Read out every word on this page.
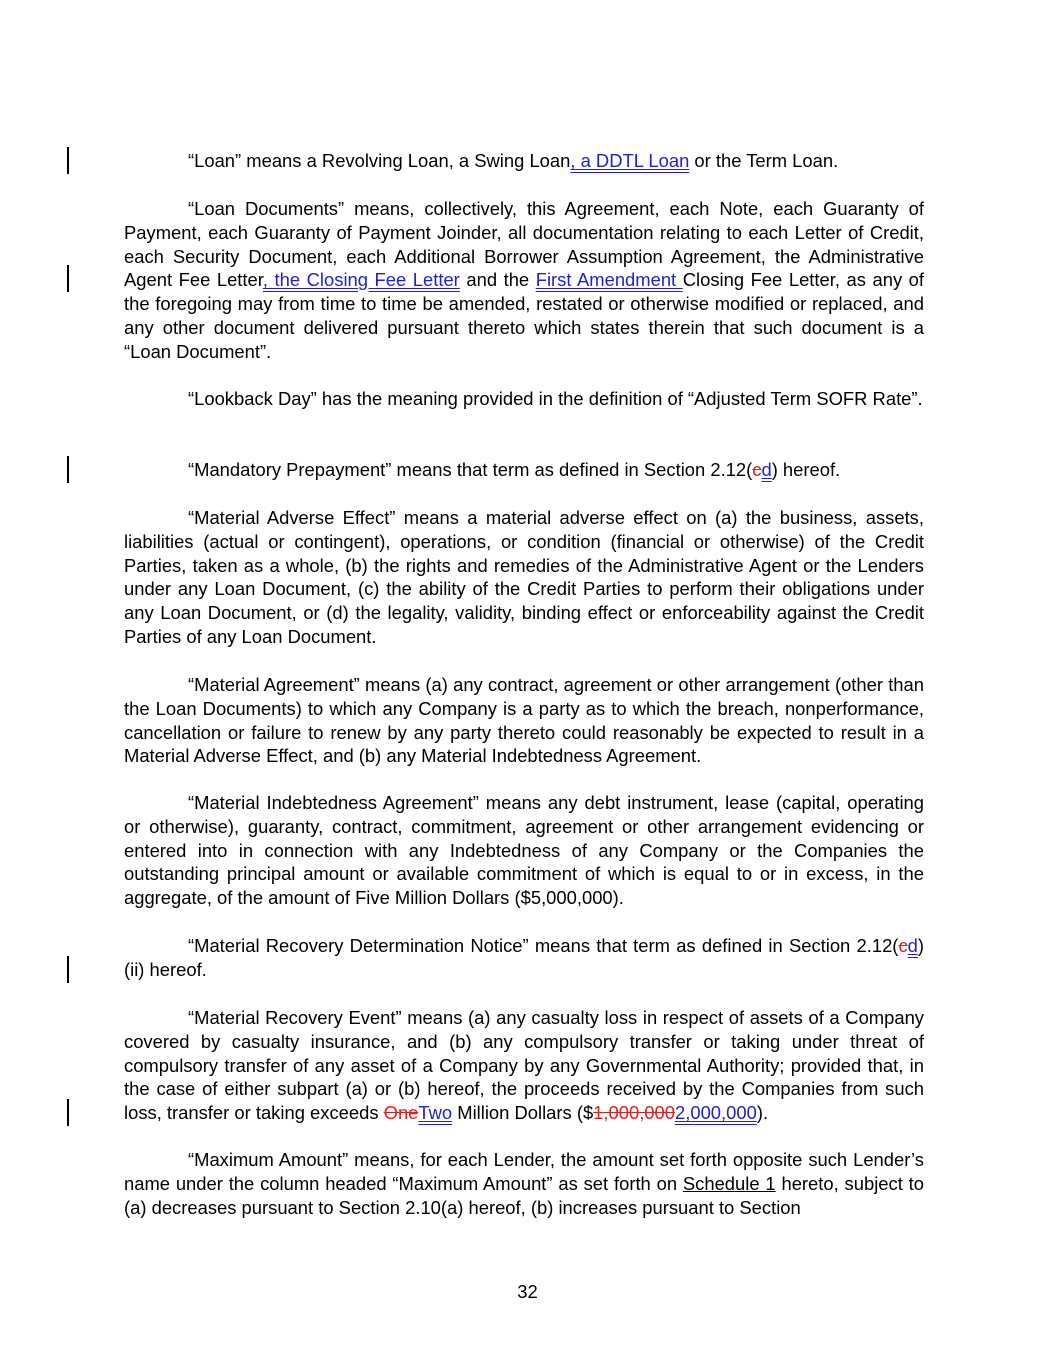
“Loan” means a Revolving Loan, a Swing Loan, a DDTL Loan or the Term Loan.

“Loan Documents” means, collectively, this Agreement, each Note, each Guaranty of Payment, each Guaranty of Payment Joinder, all documentation relating to each Letter of Credit, each Security Document, each Additional Borrower Assumption Agreement, the Administrative Agent Fee Letter, the Closing Fee Letter and the First Amendment Closing Fee Letter, as any of the foregoing may from time to time be amended, restated or otherwise modified or replaced, and any other document delivered pursuant thereto which states therein that such document is a “Loan Document”.

“Lookback Day” has the meaning provided in the definition of “Adjusted Term SOFR Rate”.

“Mandatory Prepayment” means that term as defined in Section 2.12(cd) hereof.

“Material Adverse Effect” means a material adverse effect on (a) the business, assets, liabilities (actual or contingent), operations, or condition (financial or otherwise) of the Credit Parties, taken as a whole, (b) the rights and remedies of the Administrative Agent or the Lenders under any Loan Document, (c) the ability of the Credit Parties to perform their obligations under any Loan Document, or (d) the legality, validity, binding effect or enforceability against the Credit Parties of any Loan Document.

“Material Agreement” means (a) any contract, agreement or other arrangement (other than the Loan Documents) to which any Company is a party as to which the breach, nonperformance, cancellation or failure to renew by any party thereto could reasonably be expected to result in a Material Adverse Effect, and (b) any Material Indebtedness Agreement.

“Material Indebtedness Agreement” means any debt instrument, lease (capital, operating or otherwise), guaranty, contract, commitment, agreement or other arrangement evidencing or entered into in connection with any Indebtedness of any Company or the Companies the outstanding principal amount or available commitment of which is equal to or in excess, in the aggregate, of the amount of Five Million Dollars ($5,000,000).

“Material Recovery Determination Notice” means that term as defined in Section 2.12(cd)(ii) hereof.

“Material Recovery Event” means (a) any casualty loss in respect of assets of a Company covered by casualty insurance, and (b) any compulsory transfer or taking under threat of compulsory transfer of any asset of a Company by any Governmental Authority; provided that, in the case of either subpart (a) or (b) hereof, the proceeds received by the Companies from such loss, transfer or taking exceeds OneTwo Million Dollars ($1,000,0002,000,000).

“Maximum Amount” means, for each Lender, the amount set forth opposite such Lender’s name under the column headed “Maximum Amount” as set forth on Schedule 1 hereto, subject to (a) decreases pursuant to Section 2.10(a) hereof, (b) increases pursuant to Section

32
